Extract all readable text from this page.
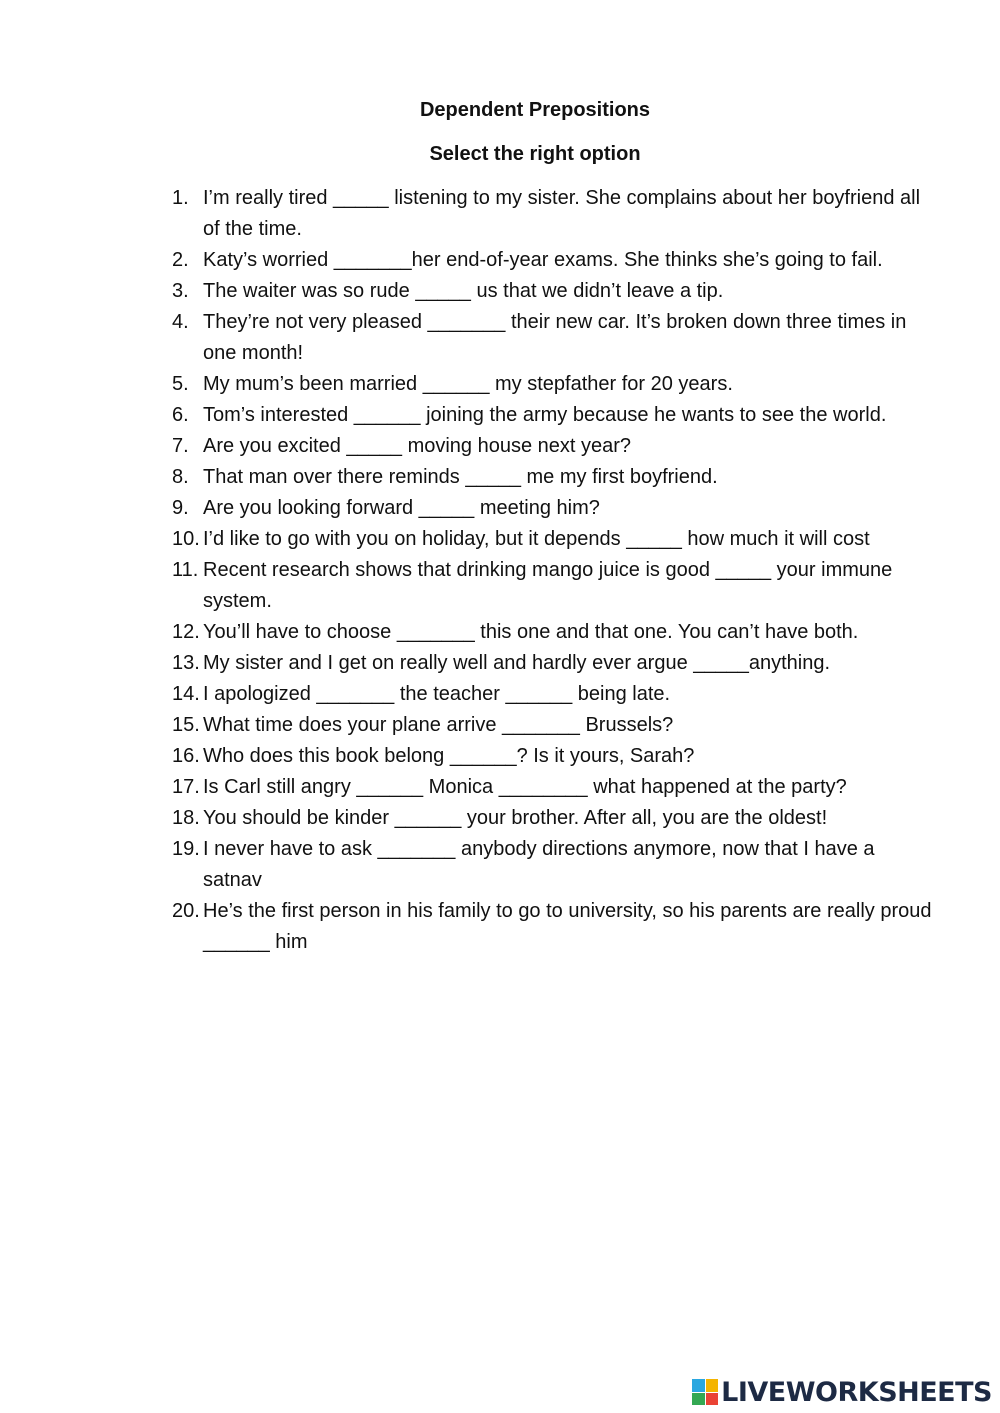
Dependent Prepositions
Select the right option
1. I’m really tired _____ listening to my sister. She complains about her boyfriend all of the time.
2. Katy’s worried _______her end-of-year exams. She thinks she’s going to fail.
3. The waiter was so rude _____ us that we didn’t leave a tip.
4. They’re not very pleased _______ their new car. It’s broken down three times in one month!
5. My mum’s been married ______ my stepfather for 20 years.
6. Tom’s interested ______ joining the army because he wants to see the world.
7. Are you excited _____ moving house next year?
8. That man over there reminds _____ me my first boyfriend.
9. Are you looking forward _____ meeting him?
10. I’d like to go with you on holiday, but it depends _____ how much it will cost
11. Recent research shows that drinking mango juice is good _____ your immune system.
12. You’ll have to choose _______ this one and that one. You can’t have both.
13. My sister and I get on really well and hardly ever argue _____anything.
14. I apologized _______ the teacher ______ being late.
15. What time does your plane arrive _______ Brussels?
16. Who does this book belong ______? Is it yours, Sarah?
17. Is Carl still angry ______ Monica ________ what happened at the party?
18. You should be kinder ______ your brother. After all, you are the oldest!
19. I never have to ask _______ anybody directions anymore, now that I have a satnav
20. He’s the first person in his family to go to university, so his parents are really proud ______ him
LIVEWORKSHEETS
